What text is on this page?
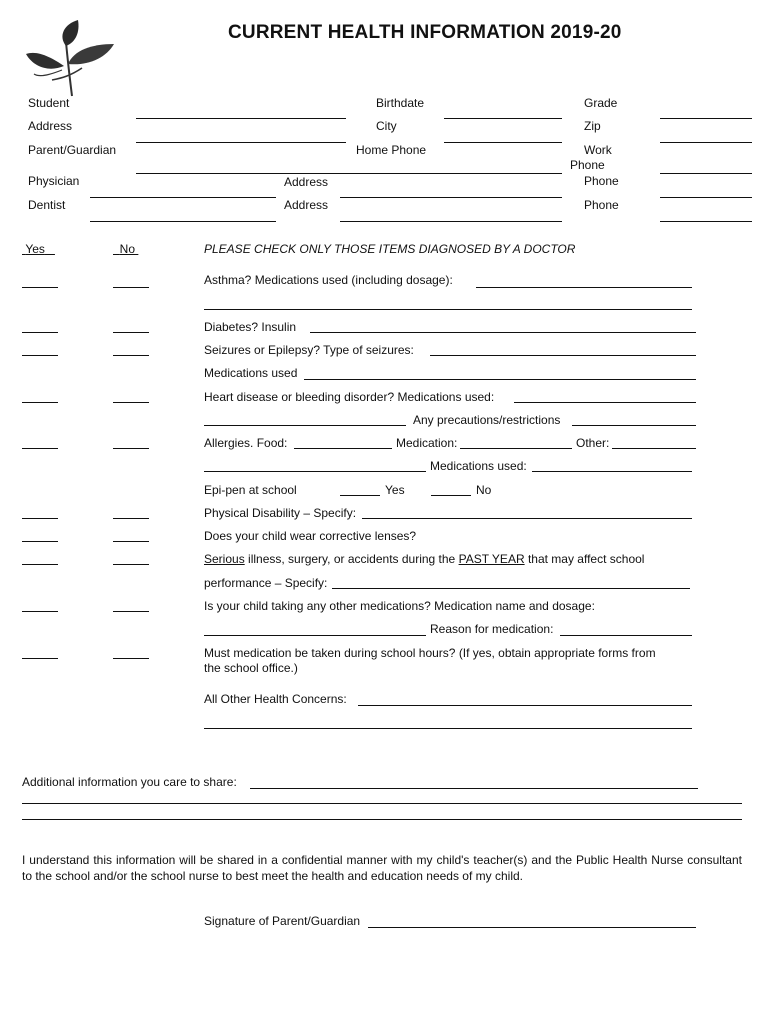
CURRENT HEALTH INFORMATION 2019-20
Student	Birthdate	Grade
Address	City	Zip
Parent/Guardian	Home Phone	Work
Phone
Physician	Address	Phone
Dentist	Address	Phone
Yes	No	PLEASE CHECK ONLY THOSE ITEMS DIAGNOSED BY A DOCTOR
Asthma? Medications used (including dosage):
Diabetes? Insulin
Seizures or Epilepsy? Type of seizures:
Medications used
Heart disease or bleeding disorder? Medications used:
Any precautions/restrictions
Allergies. Food:	Medication:	Other:
Medications used:
Epi-pen at school	Yes	No
Physical Disability – Specify:
Does your child wear corrective lenses?
Serious illness, surgery, or accidents during the PAST YEAR that may affect school
performance – Specify:
Is your child taking any other medications? Medication name and dosage:
Reason for medication:
Must medication be taken during school hours? (If yes, obtain appropriate forms from
the school office.)
All Other Health Concerns:
Additional information you care to share:
I understand this information will be shared in a confidential manner with my child's teacher(s) and the Public Health Nurse consultant to the school and/or the school nurse to best meet the health and education needs of my child.
Signature of Parent/Guardian
